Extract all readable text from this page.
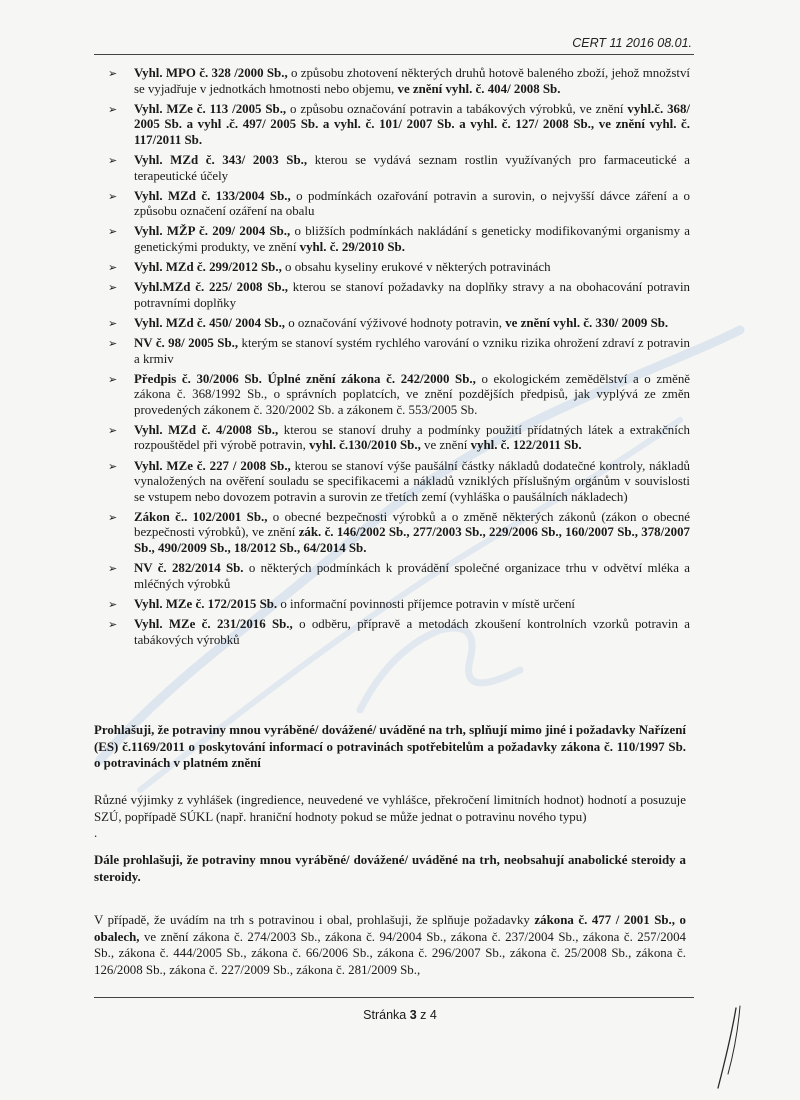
CERT 11 2016 08.01.
➢ Vyhl. MPO č. 328 /2000 Sb., o způsobu zhotovení některých druhů hotově baleného zboží, jehož množství se vyjadřuje v jednotkách hmotnosti nebo objemu, ve znění vyhl. č. 404/ 2008 Sb.
➢ Vyhl. MZe č. 113 /2005 Sb., o způsobu označování potravin a tabákových výrobků, ve znění vyhl.č. 368/ 2005 Sb. a vyhl .č. 497/ 2005 Sb. a vyhl. č. 101/ 2007 Sb. a vyhl. č. 127/ 2008 Sb., ve znění vyhl. č. 117/2011 Sb.
➢ Vyhl. MZd č. 343/ 2003 Sb., kterou se vydává seznam rostlin využívaných pro farmaceutické a terapeutické účely
➢ Vyhl. MZd č. 133/2004 Sb., o podmínkách ozařování potravin a surovin, o nejvyšší dávce záření a o způsobu označení ozáření na obalu
➢ Vyhl. MŽP č. 209/ 2004 Sb., o bližších podmínkách nakládání s geneticky modifikovanými organismy a genetickými produkty, ve znění vyhl. č. 29/2010 Sb.
➢ Vyhl. MZd č. 299/2012 Sb., o obsahu kyseliny erukové v některých potravinách
➢ Vyhl.MZd č. 225/ 2008 Sb., kterou se stanoví požadavky na doplňky stravy a na obohacování potravin potravními doplňky
➢ Vyhl. MZd č. 450/ 2004 Sb., o označování výživové hodnoty potravin, ve znění vyhl. č. 330/ 2009 Sb.
➢ NV č. 98/ 2005 Sb., kterým se stanoví systém rychlého varování o vzniku rizika ohrožení zdraví z potravin a krmiv
➢ Předpis č. 30/2006 Sb. Úplné znění zákona č. 242/2000 Sb., o ekologickém zemědělství a o změně zákona č. 368/1992 Sb., o správních poplatcích, ve znění pozdějších předpisů, jak vyplývá ze změn provedených zákonem č. 320/2002 Sb. a zákonem č. 553/2005 Sb.
➢ Vyhl. MZd č. 4/2008 Sb., kterou se stanoví druhy a podmínky použití přídatných látek a extrakčních rozpouštědel při výrobě potravin, vyhl. č.130/2010 Sb., ve znění vyhl. č. 122/2011 Sb.
➢ Vyhl. MZe č. 227 / 2008 Sb., kterou se stanoví výše paušální částky nákladů dodatečné kontroly, nákladů vynaložených na ověření souladu se specifikacemi a nákladů vzniklých příslušným orgánům v souvislosti se vstupem nebo dovozem potravin a surovin ze třetích zemí (vyhláška o paušálních nákladech)
➢ Zákon č.. 102/2001 Sb., o obecné bezpečnosti výrobků a o změně některých zákonů (zákon o obecné bezpečnosti výrobků), ve znění zák. č. 146/2002 Sb., 277/2003 Sb., 229/2006 Sb., 160/2007 Sb., 378/2007 Sb., 490/2009 Sb., 18/2012 Sb., 64/2014 Sb.
➢ NV č. 282/2014 Sb. o některých podmínkách k provádění společné organizace trhu v odvětví mléka a mléčných výrobků
➢ Vyhl. MZe č. 172/2015 Sb. o informační povinnosti příjemce potravin v místě určení
➢ Vyhl. MZe č. 231/2016 Sb., o odběru, přípravě a metodách zkoušení kontrolních vzorků potravin a tabákových výrobků

Prohlašuji, že potraviny mnou vyráběné/ dovážené/ uváděné na trh, splňují mimo jiné i požadavky Nařízení (ES) č.1169/2011 o poskytování informací o potravinách spotřebitelům a požadavky zákona č. 110/1997 Sb. o potravinách v platném znění

Různé výjimky z vyhlášek (ingredience, neuvedené ve vyhlášce, překročení limitních hodnot) hodnotí a posuzuje SZÚ, popřípadě SÚKL (např. hraniční hodnoty pokud se může jednat o potravinu nového typu)
.

Dále prohlašuji, že potraviny mnou vyráběné/ dovážené/ uváděné na trh, neobsahují anabolické steroidy a steroidy.

V případě, že uvádím na trh s potravinou i obal, prohlašuji, že splňuje požadavky zákona č. 477 / 2001 Sb., o obalech, ve znění zákona č. 274/2003 Sb., zákona č. 94/2004 Sb., zákona č. 237/2004 Sb., zákona č. 257/2004 Sb., zákona č. 444/2005 Sb., zákona č. 66/2006 Sb., zákona č. 296/2007 Sb., zákona č. 25/2008 Sb., zákona č. 126/2008 Sb., zákona č. 227/2009 Sb., zákona č. 281/2009 Sb.,

Stránka 3 z 4
